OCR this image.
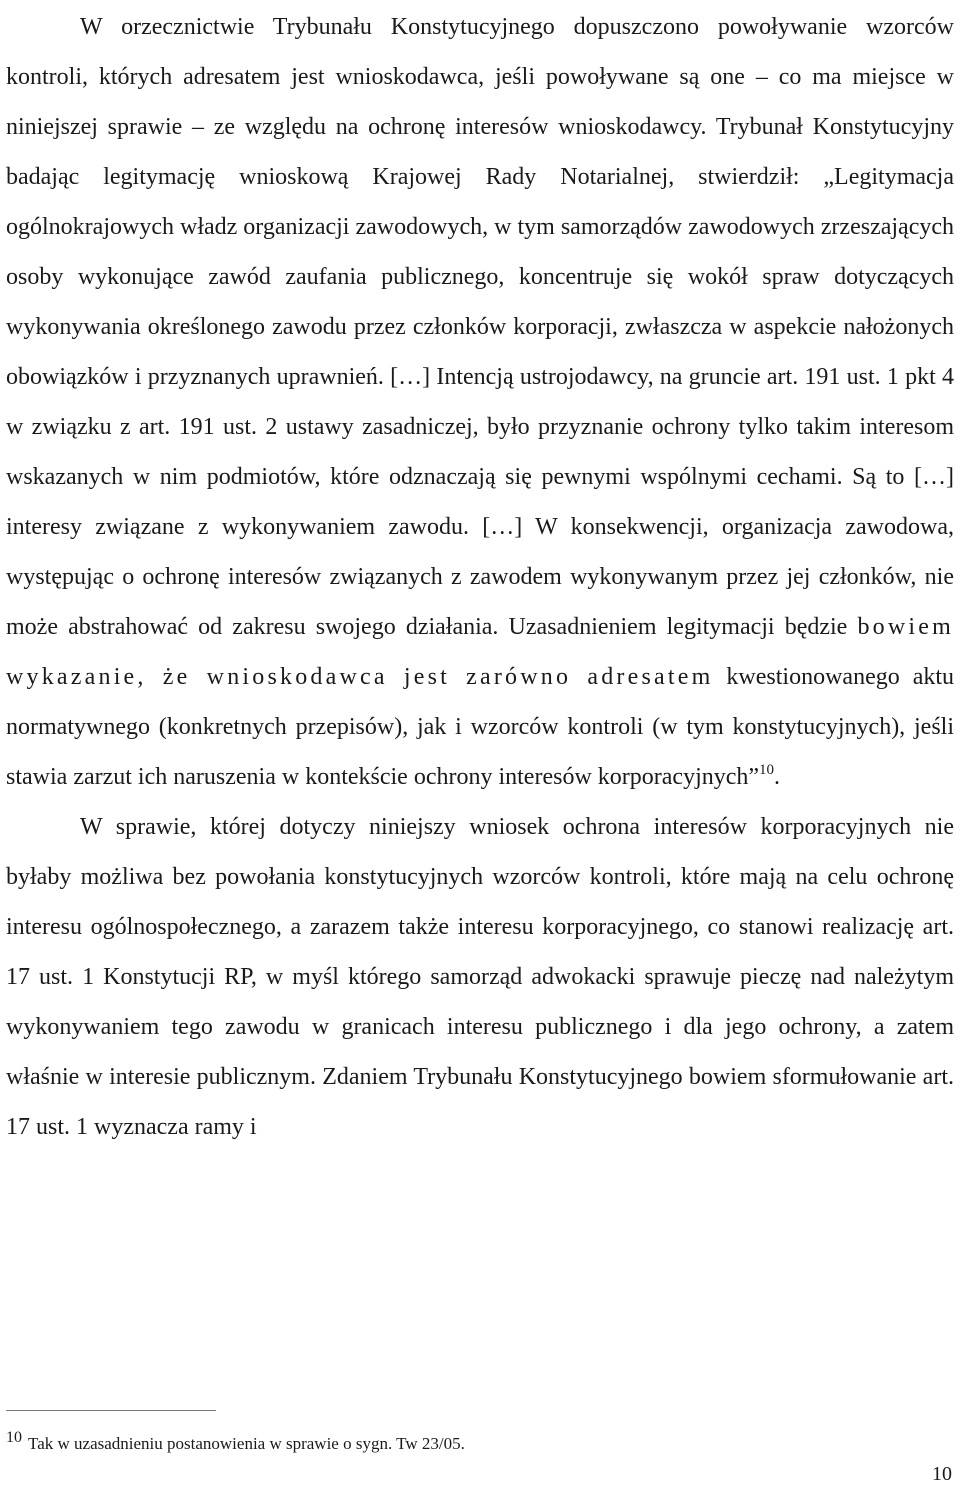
W orzecznictwie Trybunału Konstytucyjnego dopuszczono powoływanie wzorców kontroli, których adresatem jest wnioskodawca, jeśli powoływane są one – co ma miejsce w niniejszej sprawie – ze względu na ochronę interesów wnioskodawcy. Trybunał Konstytucyjny badając legitymację wnioskową Krajowej Rady Notarialnej, stwierdził: „Legitymacja ogólnokrajowych władz organizacji zawodowych, w tym samorządów zawodowych zrzeszających osoby wykonujące zawód zaufania publicznego, koncentruje się wokół spraw dotyczących wykonywania określonego zawodu przez członków korporacji, zwłaszcza w aspekcie nałożonych obowiązków i przyznanych uprawnień. […] Intencją ustrojodawcy, na gruncie art. 191 ust. 1 pkt 4 w związku z art. 191 ust. 2 ustawy zasadniczej, było przyznanie ochrony tylko takim interesom wskazanych w nim podmiotów, które odznaczają się pewnymi wspólnymi cechami. Są to […] interesy związane z wykonywaniem zawodu. […] W konsekwencji, organizacja zawodowa, występując o ochronę interesów związanych z zawodem wykonywanym przez jej członków, nie może abstrahować od zakresu swojego działania. Uzasadnieniem legitymacji będzie bowiem wykazanie, że wnioskodawca jest zarówno adresatem kwestionowanego aktu normatywnego (konkretnych przepisów), jak i wzorców kontroli (w tym konstytucyjnych), jeśli stawia zarzut ich naruszenia w kontekście ochrony interesów korporacyjnych”$^{10}$.

W sprawie, której dotyczy niniejszy wniosek ochrona interesów korporacyjnych nie byłaby możliwa bez powołania konstytucyjnych wzorców kontroli, które mają na celu ochronę interesu ogólnospołecznego, a zarazem także interesu korporacyjnego, co stanowi realizację art. 17 ust. 1 Konstytucji RP, w myśl którego samorząd adwokacki sprawuje pieczę nad należytym wykonywaniem tego zawodu w granicach interesu publicznego i dla jego ochrony, a zatem właśnie w interesie publicznym. Zdaniem Trybunału Konstytucyjnego bowiem sformułowanie art. 17 ust. 1 wyznacza ramy i

$^{10}$ Tak w uzasadnieniu postanowienia w sprawie o sygn. Tw 23/05.
10
